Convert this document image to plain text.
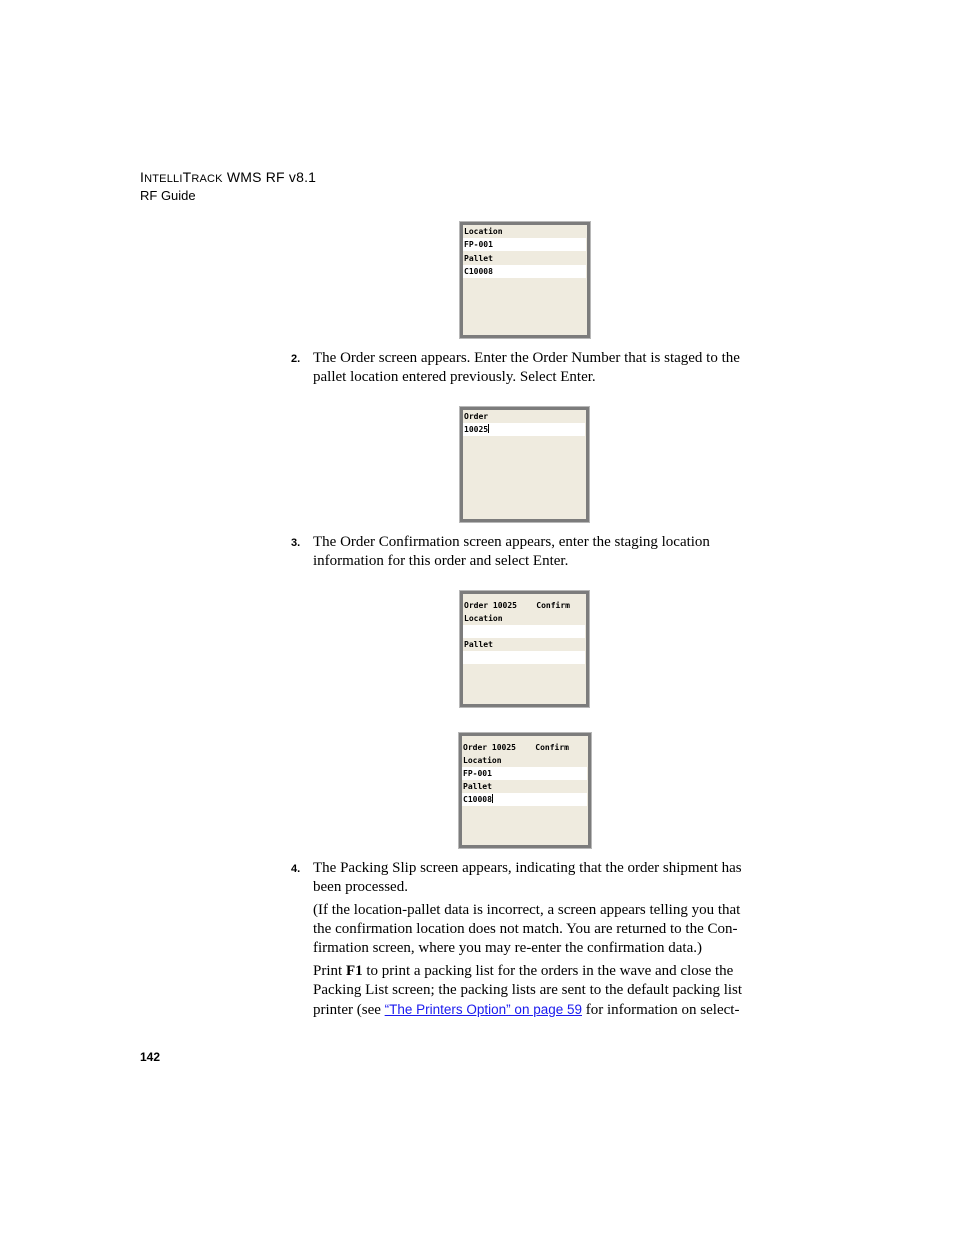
INTELLITRACK WMS RF v8.1
RF Guide
Location
FP-001
Pallet
C10008
2. The Order screen appears. Enter the Order Number that is staged to the pallet location entered previously. Select Enter.
Order
10025
3. The Order Confirmation screen appears, enter the staging location information for this order and select Enter.
Order 10025    Confirm
Location
Pallet
Order 10025    Confirm
Location
FP-001
Pallet
C10008
4. The Packing Slip screen appears, indicating that the order shipment has been processed.
(If the location-pallet data is incorrect, a screen appears telling you that the confirmation location does not match. You are returned to the Con-firmation screen, where you may re-enter the confirmation data.)
Print F1 to print a packing list for the orders in the wave and close the Packing List screen; the packing lists are sent to the default packing list printer (see “The Printers Option” on page 59 for information on select-
142
